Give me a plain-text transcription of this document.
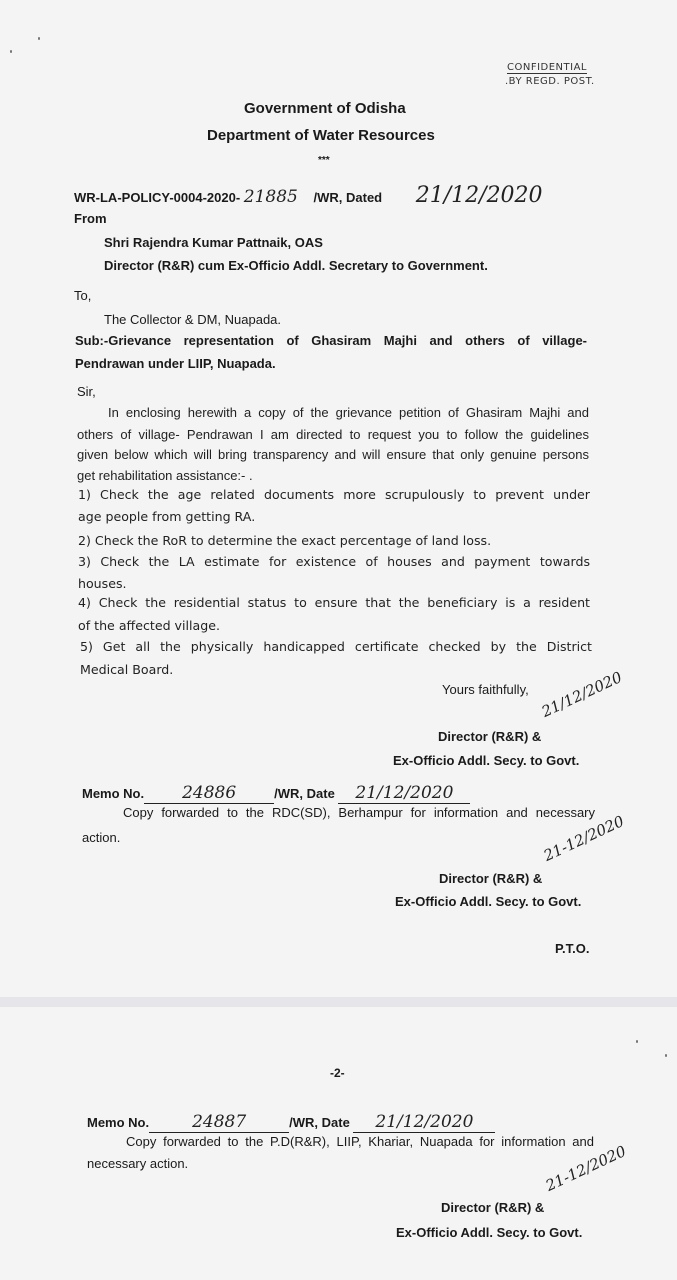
CONFIDENTIAL
.BY REGD. POST.
Government of Odisha
Department of Water Resources
***
WR-LA-POLICY-0004-2020- 21885 /WR, Dated 21/12/2020
From
Shri Rajendra Kumar Pattnaik, OAS
Director (R&R) cum Ex-Officio Addl. Secretary to Government.
To,
The Collector & DM, Nuapada.
Sub:-Grievance representation of Ghasiram Majhi and others of village-
Pendrawan under LIIP, Nuapada.
Sir,
In enclosing herewith a copy of the grievance petition of Ghasiram Majhi and
others of village- Pendrawan I am directed to request you to follow the guidelines
given below which will bring transparency and will ensure that only genuine persons
get rehabilitation assistance:- .
1) Check the age related documents more scrupulously to prevent under
age people from getting RA.
2) Check the RoR to determine the exact percentage of land loss.
3) Check the LA estimate for existence of houses and payment towards
houses.
4) Check the residential status to ensure that the beneficiary is a resident
of the affected village.
5) Get all the physically handicapped certificate checked by the District
Medical Board.
Yours faithfully, 21/12/2020
Director (R&R) &
Ex-Officio Addl. Secy. to Govt.
Memo No. 24886	/WR, Date 21/12/2020
Copy forwarded to the RDC(SD), Berhampur for information and necessary
action.	21-12/2020
Director (R&R) &
Ex-Officio Addl. Secy. to Govt.
P.T.O.
-2-
Memo No.	24887	/WR, Date 21/12/2020
Copy forwarded to the P.D(R&R), LIIP, Khariar, Nuapada for information and
necessary action.	21-12/2020
Director (R&R) &
Ex-Officio Addl. Secy. to Govt.
